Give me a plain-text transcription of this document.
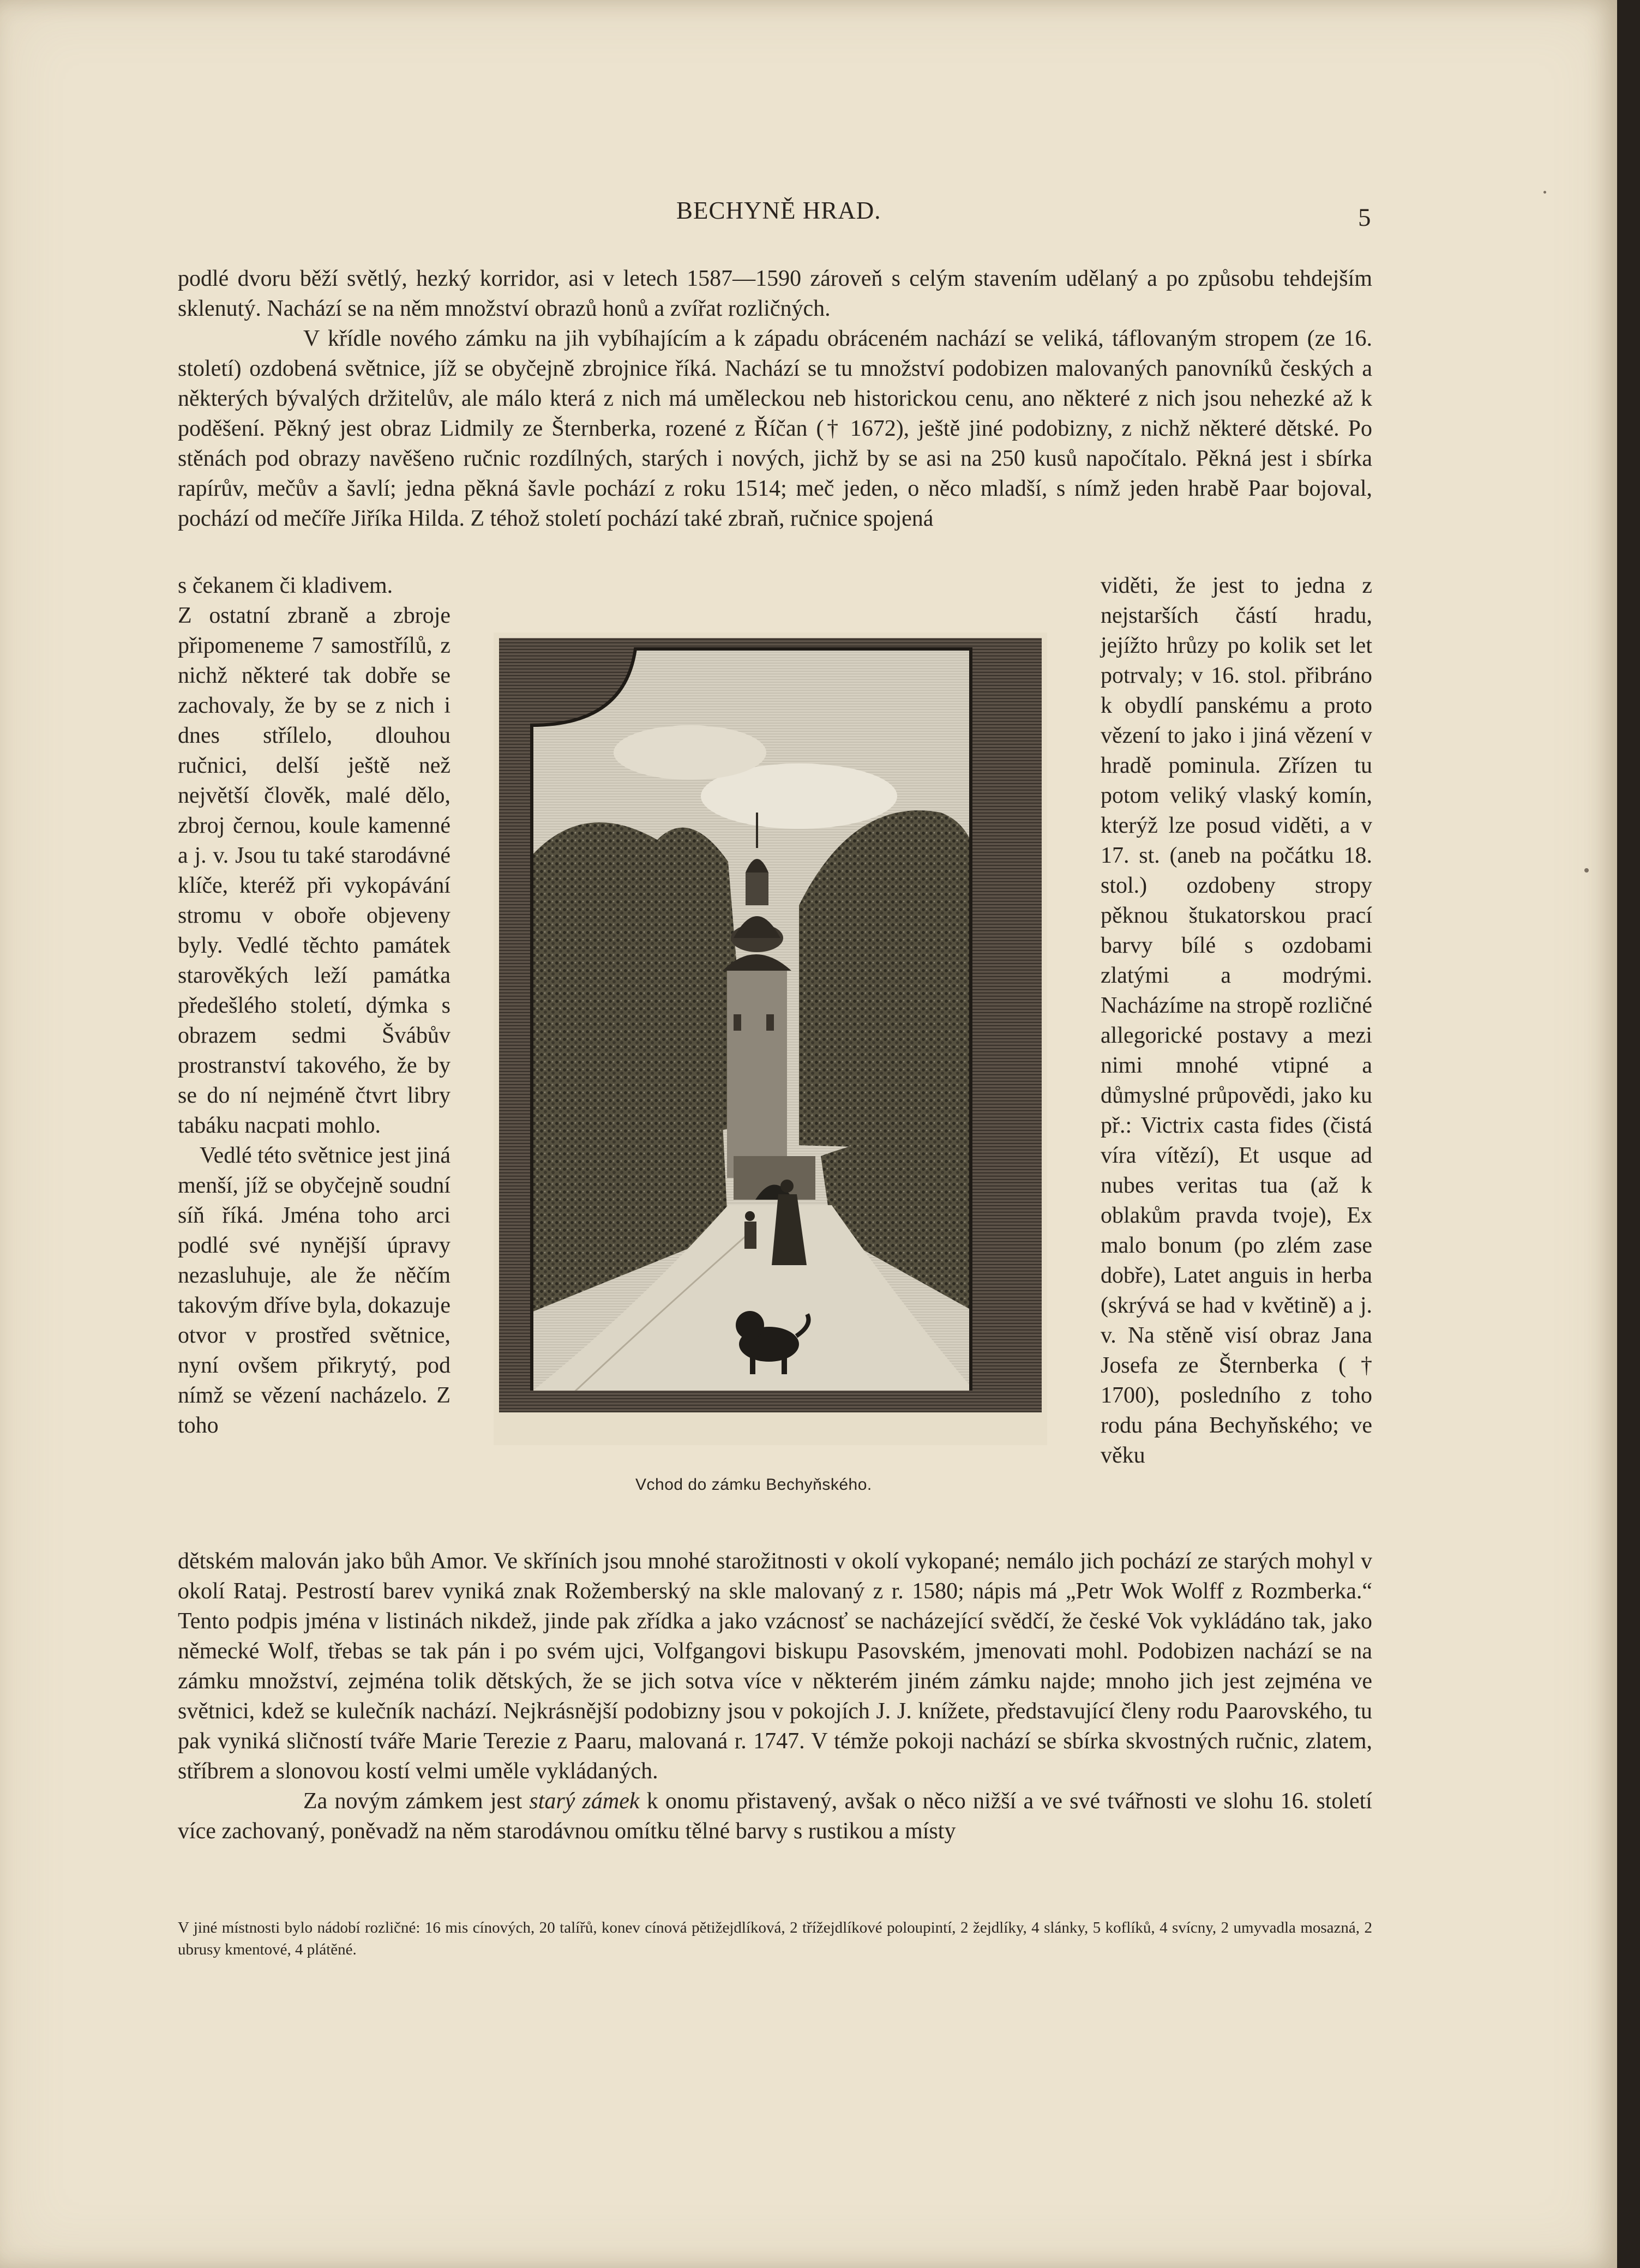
BECHYNĚ HRAD.	5

podlé dvoru běží světlý, hezký korridor, asi v letech 1587—1590 zároveň s celým stavením udělaný a po způsobu tehdejším sklenutý. Nachází se na něm množství obrazů honů a zvířat rozličných.

V křídle nového zámku na jih vybíhajícím a k západu obráceném nachází se veliká, táflovaným stropem (ze 16. století) ozdobená světnice, jíž se obyčejně zbrojnice říká. Nachází se tu množství podobizen malovaných panovníků českých a některých bývalých držitelův, ale málo která z nich má uměleckou neb historickou cenu, ano některé z nich jsou nehezké až k poděšení. Pěkný jest obraz Lidmily ze Šternberka, rozené z Říčan († 1672), ještě jiné podobizny, z nichž některé dětské. Po stěnách pod obrazy navěšeno ručnic rozdílných, starých i nových, jichž by se asi na 250 kusů napočítalo. Pěkná jest i sbírka rapírův, mečův a šavlí; jedna pěkná šavle pochází z roku 1514; meč jeden, o něco mladší, s nímž jeden hrabě Paar bojoval, pochází od mečíře Jiříka Hilda. Z téhož století pochází také zbraň, ručnice spojená

s čekanem či kladivem.

Z ostatní zbraně a zbroje připomeneme 7 samostřílů, z nichž některé tak dobře se zachovaly, že by se z nich i dnes střílelo, dlouhou ručnici, delší ještě než největší člověk, malé dělo, zbroj černou, koule kamenné a j. v. Jsou tu také starodávné klíče, kteréž při vykopávání stromu v oboře objeveny byly. Vedlé těchto památek starověkých leží památka předešlého století, dýmka s obrazem sedmi Švábův prostranství takového, že by se do ní nejméně čtvrt libry tabáku nacpati mohlo.

Vedlé této světnice jest jiná menší, jíž se obyčejně soudní síň říká. Jména toho arci podlé své nynější úpravy nezasluhuje, ale že něčím takovým dříve byla, dokazuje otvor v prostřed světnice, nyní ovšem přikrytý, pod nímž se vězení nacházelo. Z toho

Vchod do zámku Bechyňského.

viděti, že jest to jedna z nejstarších částí hradu, jejížto hrůzy po kolik set let potrvaly; v 16. stol. přibráno k obydlí panskému a proto vězení to jako i jiná vězení v hradě pominula. Zřízen tu potom veliký vlaský komín, kterýž lze posud viděti, a v 17. st. (aneb na počátku 18. stol.) ozdobeny stropy pěknou štukatorskou prací barvy bílé s ozdobami zlatými a modrými. Nacházíme na stropě rozličné allegorické postavy a mezi nimi mnohé vtipné a důmyslné průpovědi, jako ku př.: Victrix casta fides (čistá víra vítězí), Et usque ad nubes veritas tua (až k oblakům pravda tvoje), Ex malo bonum (po zlém zase dobře), Latet anguis in herba (skrývá se had v květině) a j. v. Na stěně visí obraz Jana Josefa ze Šternberka († 1700), posledního z toho rodu pána Bechyňského; ve věku

dětském malován jako bůh Amor. Ve skříních jsou mnohé starožitnosti v okolí vykopané; nemálo jich pochází ze starých mohyl v okolí Rataj. Pestrostí barev vyniká znak Rožemberský na skle malovaný z r. 1580; nápis má „Petr Wok Wolff z Rozmberka.“ Tento podpis jména v listinách nikdež, jinde pak zřídka a jako vzácnosť se nacházející svědčí, že české Vok vykládáno tak, jako německé Wolf, třebas se tak pán i po svém ujci, Volfgangovi biskupu Pasovském, jmenovati mohl. Podobizen nachází se na zámku množství, zejména tolik dětských, že se jich sotva více v některém jiném zámku najde; mnoho jich jest zejména ve světnici, kdež se kulečník nachází. Nejkrásnější podobizny jsou v pokojích J. J. knížete, představující členy rodu Paarovského, tu pak vyniká sličností tváře Marie Terezie z Paaru, malovaná r. 1747. V témže pokoji nachází se sbírka skvostných ručnic, zlatem, stříbrem a slonovou kostí velmi uměle vykládaných.

Za novým zámkem jest starý zámek k onomu přistavený, avšak o něco nižší a ve své tvářnosti ve slohu 16. století více zachovaný, poněvadž na něm starodávnou omítku tělné barvy s rustikou a místy

V jiné místnosti bylo nádobí rozličné: 16 mis cínových, 20 talířů, konev cínová pětižejdlíková, 2 třížejdlíkové poloupintí, 2 žejdlíky, 4 slánky, 5 koflíků, 4 svícny, 2 umyvadla mosazná, 2 ubrusy kmentové, 4 plátěné.
